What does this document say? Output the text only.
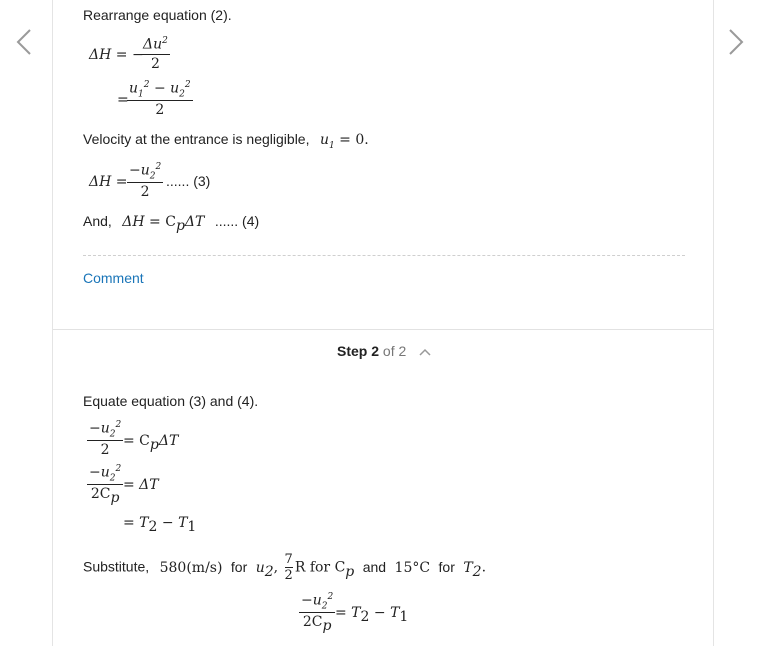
Rearrange equation (2).
ΔH = −
$\Delta u^2$
2
=
$u_1^2 - u_2^2$
2
Velocity at the entrance is negligible, $u_1 = 0$.
ΔH =
$-u_2^2$
2
...... (3)
And, $\Delta H = C_p\Delta T$ ...... (4)
Comment
Step 2 of 2
Equate equation (3) and (4).
$-u_2^2$
2
= $C_p\Delta T$
$-u_2^2$
$2C_p$
= ΔT
= $T_2 - T_1$
Substitute, 580(m/s) for $u_2$, $\frac{7}{2}$ R for $C_p$ and 15°C for $T_2$.
$-u_2^2$
$2C_p$
= $T_2 - T_1$
